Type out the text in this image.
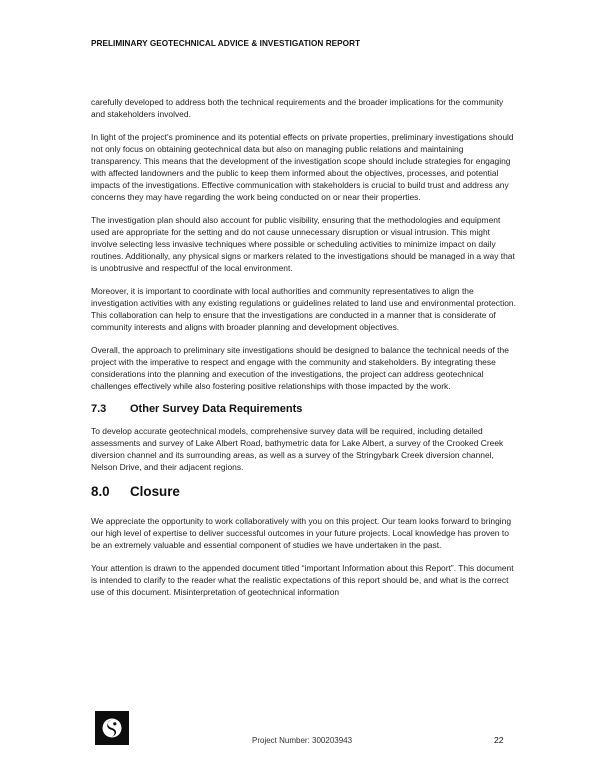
PRELIMINARY GEOTECHNICAL ADVICE & INVESTIGATION REPORT

carefully developed to address both the technical requirements and the broader implications for the community and stakeholders involved.

In light of the project's prominence and its potential effects on private properties, preliminary investigations should not only focus on obtaining geotechnical data but also on managing public relations and maintaining transparency. This means that the development of the investigation scope should include strategies for engaging with affected landowners and the public to keep them informed about the objectives, processes, and potential impacts of the investigations. Effective communication with stakeholders is crucial to build trust and address any concerns they may have regarding the work being conducted on or near their properties.

The investigation plan should also account for public visibility, ensuring that the methodologies and equipment used are appropriate for the setting and do not cause unnecessary disruption or visual intrusion. This might involve selecting less invasive techniques where possible or scheduling activities to minimize impact on daily routines. Additionally, any physical signs or markers related to the investigations should be managed in a way that is unobtrusive and respectful of the local environment.

Moreover, it is important to coordinate with local authorities and community representatives to align the investigation activities with any existing regulations or guidelines related to land use and environmental protection. This collaboration can help to ensure that the investigations are conducted in a manner that is considerate of community interests and aligns with broader planning and development objectives.

Overall, the approach to preliminary site investigations should be designed to balance the technical needs of the project with the imperative to respect and engage with the community and stakeholders. By integrating these considerations into the planning and execution of the investigations, the project can address geotechnical challenges effectively while also fostering positive relationships with those impacted by the work.

7.3	Other Survey Data Requirements

To develop accurate geotechnical models, comprehensive survey data will be required, including detailed assessments and survey of Lake Albert Road, bathymetric data for Lake Albert, a survey of the Crooked Creek diversion channel and its surrounding areas, as well as a survey of the Stringybark Creek diversion channel, Nelson Drive, and their adjacent regions.

8.0	Closure

We appreciate the opportunity to work collaboratively with you on this project. Our team looks forward to bringing our high level of expertise to deliver successful outcomes in your future projects. Local knowledge has proven to be an extremely valuable and essential component of studies we have undertaken in the past.

Your attention is drawn to the appended document titled “important Information about this Report”. This document is intended to clarify to the reader what the realistic expectations of this report should be, and what is the correct use of this document. Misinterpretation of geotechnical information

Project Number: 300203943	22
